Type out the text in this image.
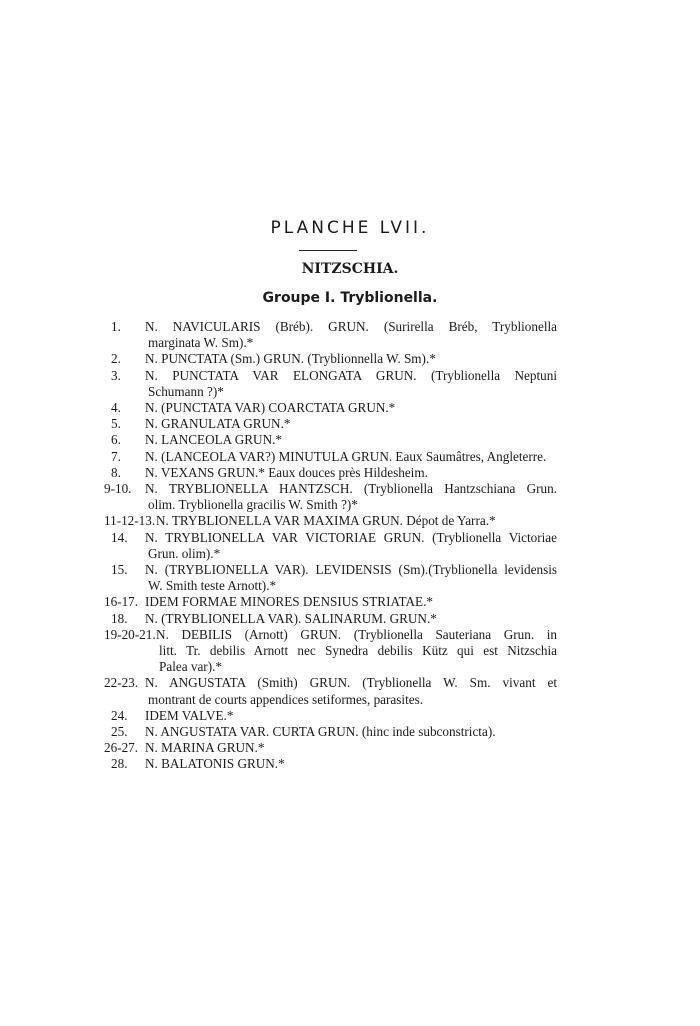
PLANCHE LVII.
NITZSCHIA.
Groupe I. Tryblionella.
1. N. NAVICULARIS (Bréb). GRUN. (Surirella Bréb, Tryblionella
marginata W. Sm).*
2. N. PUNCTATA (Sm.) GRUN. (Tryblionnella W. Sm).*
3. N. PUNCTATA VAR ELONGATA GRUN. (Tryblionella Neptuni
Schumann ?)*
4. N. (PUNCTATA VAR) COARCTATA GRUN.*
5. N. GRANULATA GRUN.*
6. N. LANCEOLA GRUN.*
7. N. (LANCEOLA VAR?) MINUTULA GRUN. Eaux Saumâtres, Angleterre.
8. N. VEXANS GRUN.* Eaux douces près Hildesheim.
9-10. N. TRYBLIONELLA HANTZSCH. (Tryblionella Hantzschiana Grun.
olim. Tryblionella gracilis W. Smith ?)*
11-12-13. N. TRYBLIONELLA VAR MAXIMA GRUN. Dépot de Yarra.*
14. N. TRYBLIONELLA VAR VICTORIAE GRUN. (Tryblionella Victoriae
Grun. olim).*
15. N. (TRYBLIONELLA VAR). LEVIDENSIS (Sm).(Tryblionella levidensis
W. Smith teste Arnott).*
16-17. IDEM FORMAE MINORES DENSIUS STRIATAE.*
18. N. (TRYBLIONELLA VAR). SALINARUM. GRUN.*
19-20-21. N. DEBILIS (Arnott) GRUN. (Tryblionella Sauteriana Grun. in
litt. Tr. debilis Arnott nec Synedra debilis Kütz qui est Nitzschia
Palea var).*
22-23. N. ANGUSTATA (Smith) GRUN. (Tryblionella W. Sm. vivant et
montrant de courts appendices setiformes, parasites.
24. IDEM VALVE.*
25. N. ANGUSTATA VAR. CURTA GRUN. (hinc inde subconstricta).
26-27. N. MARINA GRUN.*
28. N. BALATONIS GRUN.*
